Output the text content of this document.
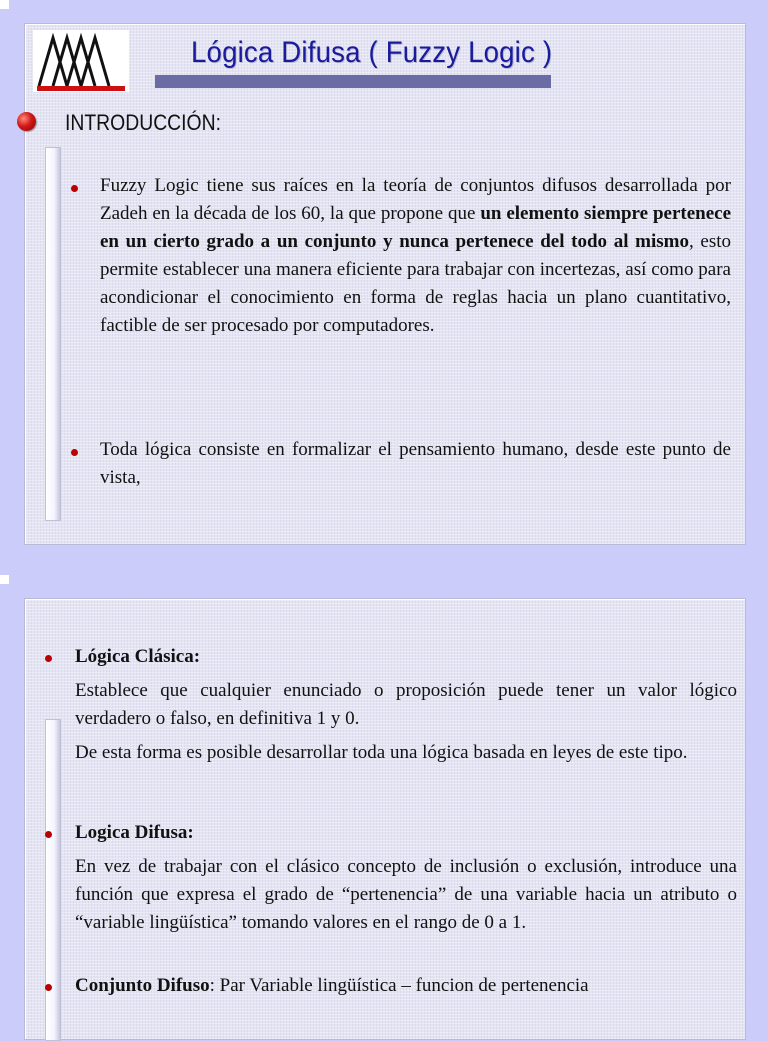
Lógica Difusa ( Fuzzy Logic )
INTRODUCCIÓN:
Fuzzy Logic tiene sus raíces en la teoría de conjuntos difusos desarrollada por Zadeh en la década de los 60, la que propone que un elemento siempre pertenece en un cierto grado a un conjunto y nunca pertenece del todo al mismo, esto permite establecer una manera eficiente para trabajar con incertezas, así como para acondicionar el conocimiento en forma de reglas hacia un plano cuantitativo, factible de ser procesado por computadores.
Toda lógica consiste en formalizar el pensamiento humano, desde este punto de vista,
Lógica Clásica:
Establece que cualquier enunciado o proposición puede tener un valor lógico verdadero o falso, en definitiva 1 y 0.
De esta forma es posible desarrollar toda una lógica basada en leyes de este tipo.
Logica Difusa:
En vez de trabajar con el clásico concepto de inclusión o exclusión, introduce una función que expresa el grado de “pertenencia” de una variable hacia un atributo o “variable lingüística” tomando valores en el rango de 0 a 1.
Conjunto Difuso: Par Variable lingüística – funcion de pertenencia
